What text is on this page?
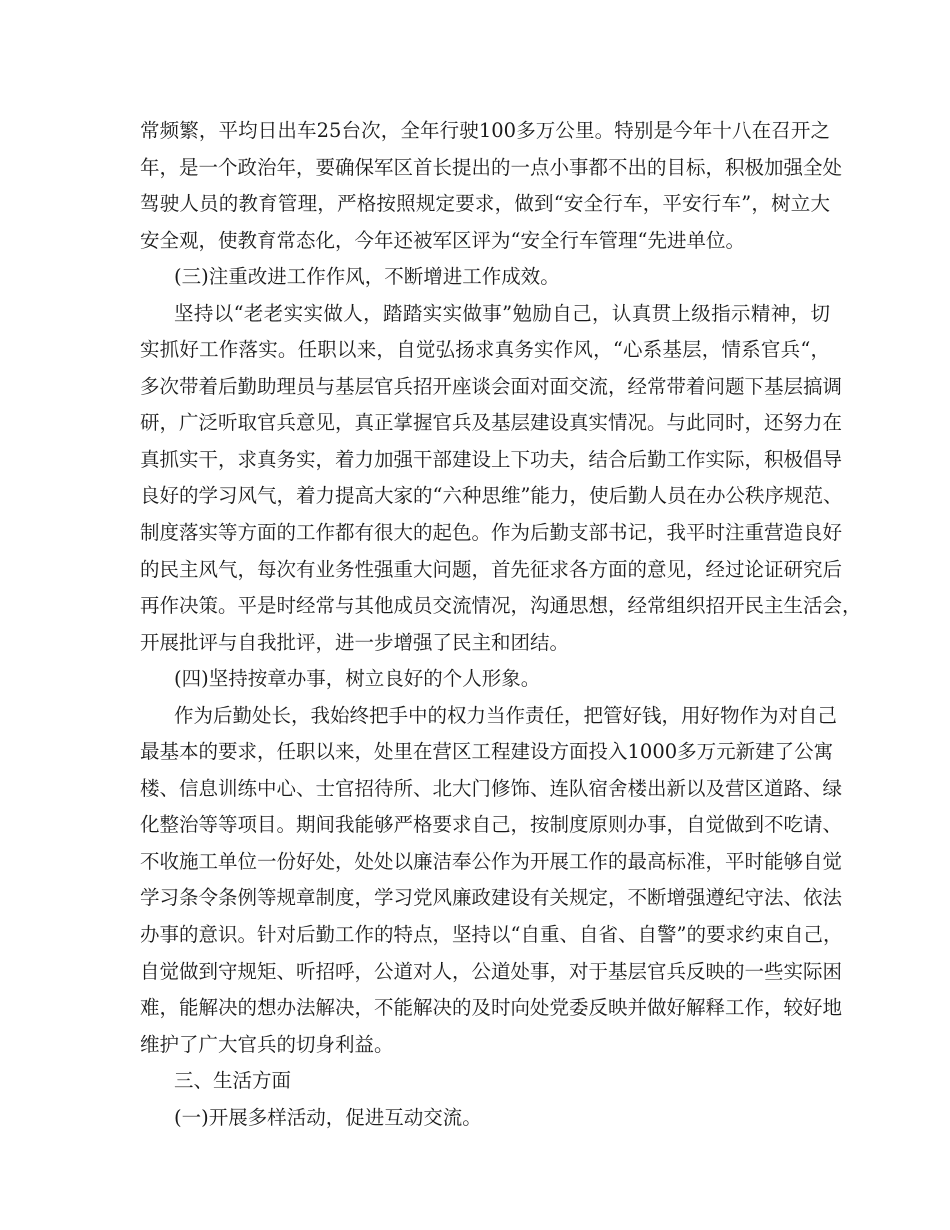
常频繁，平均日出车25台次，全年行驶100多万公里。特别是今年十八在召开之
年，是一个政治年，要确保军区首长提出的一点小事都不出的目标，积极加强全处
驾驶人员的教育管理，严格按照规定要求，做到“安全行车，平安行车”，树立大
安全观，使教育常态化，今年还被军区评为“安全行车管理“先进单位。
(三)注重改进工作作风，不断增进工作成效。
坚持以“老老实实做人，踏踏实实做事”勉励自己，认真贯上级指示精神，切
实抓好工作落实。任职以来，自觉弘扬求真务实作风，“心系基层，情系官兵“，
多次带着后勤助理员与基层官兵招开座谈会面对面交流，经常带着问题下基层搞调
研，广泛听取官兵意见，真正掌握官兵及基层建设真实情况。与此同时，还努力在
真抓实干，求真务实，着力加强干部建设上下功夫，结合后勤工作实际，积极倡导
良好的学习风气，着力提高大家的“六种思维”能力，使后勤人员在办公秩序规范、
制度落实等方面的工作都有很大的起色。作为后勤支部书记，我平时注重营造良好
的民主风气，每次有业务性强重大问题，首先征求各方面的意见，经过论证研究后
再作决策。平是时经常与其他成员交流情况，沟通思想，经常组织招开民主生活会，
开展批评与自我批评，进一步增强了民主和团结。
(四)坚持按章办事，树立良好的个人形象。
作为后勤处长，我始终把手中的权力当作责任，把管好钱，用好物作为对自己
最基本的要求，任职以来，处里在营区工程建设方面投入1000多万元新建了公寓
楼、信息训练中心、士官招待所、北大门修饰、连队宿舍楼出新以及营区道路、绿
化整治等等项目。期间我能够严格要求自己，按制度原则办事，自觉做到不吃请、
不收施工单位一份好处，处处以廉洁奉公作为开展工作的最高标准，平时能够自觉
学习条令条例等规章制度，学习党风廉政建设有关规定，不断增强遵纪守法、依法
办事的意识。针对后勤工作的特点，坚持以“自重、自省、自警”的要求约束自己，
自觉做到守规矩、听招呼，公道对人，公道处事，对于基层官兵反映的一些实际困
难，能解决的想办法解决，不能解决的及时向处党委反映并做好解释工作，较好地
维护了广大官兵的切身利益。
三、生活方面
(一)开展多样活动，促进互动交流。
